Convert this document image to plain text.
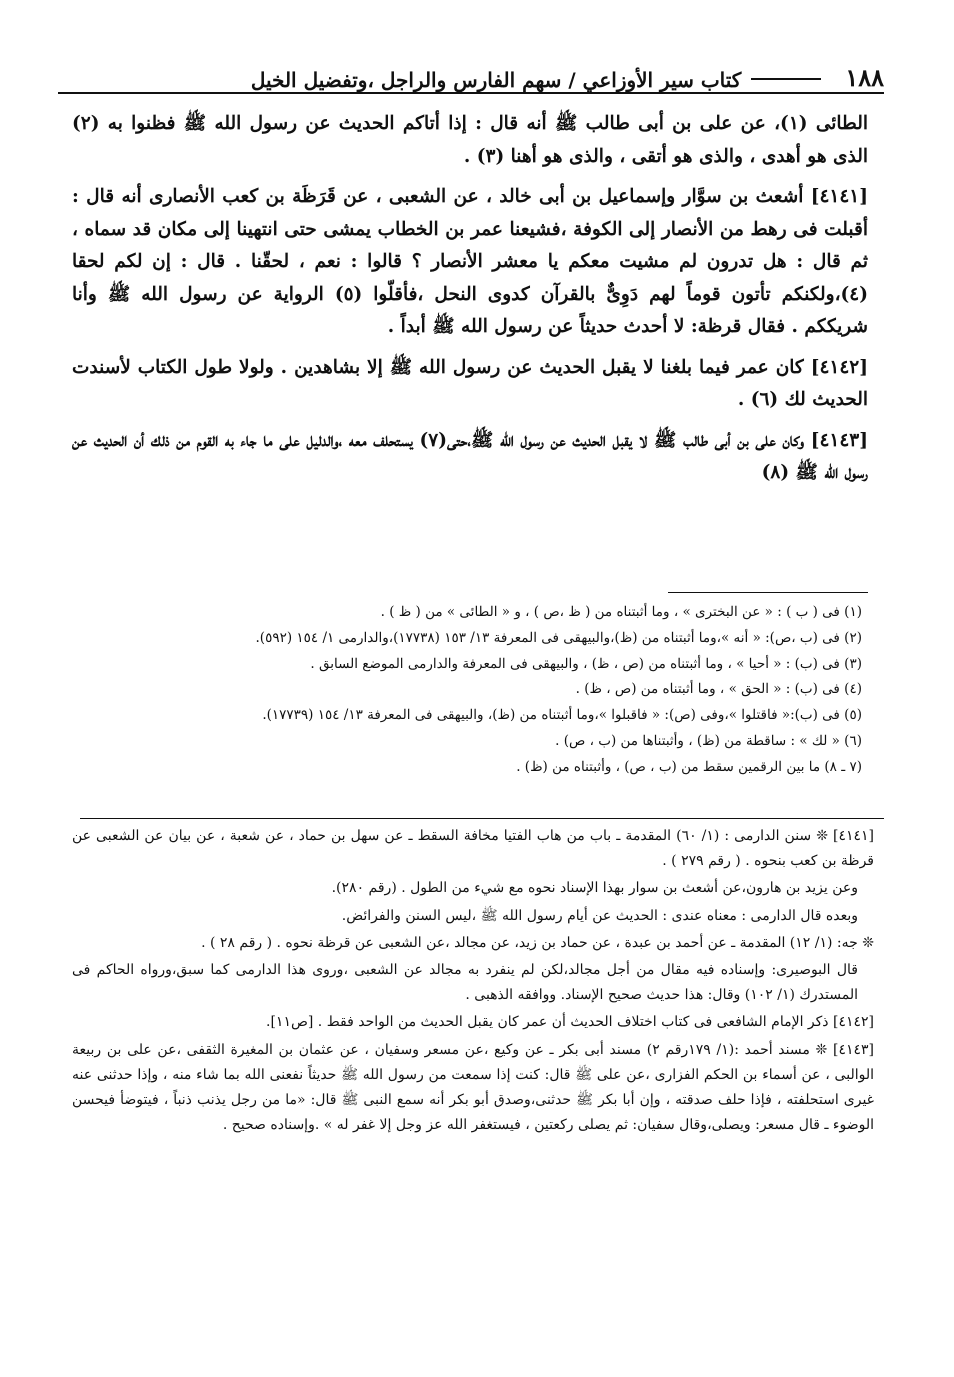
١٨٨
كتاب سير الأوزاعي / سهم الفارس والراجل ،وتفضيل الخيل

الطائى (١)، عن على بن أبى طالب ﷺ أنه قال : إذا أتاكم الحديث عن رسول الله ﷺ فظنوا به (٢) الذى هو أهدى ، والذى هو أتقى ، والذى هو أهنا (٣) .

[٤١٤١] أشعث بن سوَّار وإسماعيل بن أبى خالد ، عن الشعبى ، عن قَرَظَة بن كعب الأنصارى أنه قال : أقبلت فى رهط من الأنصار إلى الكوفة ،فشيعنا عمر بن الخطاب يمشى حتى انتهينا إلى مكان قد سماه ، ثم قال : هل تدرون لم مشيت معكم يا معشر الأنصار ؟ قالوا : نعم ، لحقّنا . قال : إن لكم لحقا (٤)،ولكنكم تأتون قوماً لهم دَوِىٌّ بالقرآن كدوى النحل ،فأقلّوا (٥) الرواية عن رسول الله ﷺ وأنا شريككم . فقال قرظة: لا أحدث حديثاً عن رسول الله ﷺ أبداً .

[٤١٤٢] كان عمر فيما بلغنا لا يقبل الحديث عن رسول الله ﷺ إلا بشاهدين . ولولا طول الكتاب لأسندت الحديث لك (٦) .

[٤١٤٣] وكان على بن أبى طالب ﷺ لا يقبل الحديث عن رسول الله ﷺ،حتى(٧) يستحلف معه ،والدليل على ما جاء به القوم من ذلك أن الحديث عن رسول الله ﷺ (٨)

(١) فى ( ب ) : « عن البخترى » ، وما أثبتناه من ( ظ ،ص ) ، و « الطائى » من ( ظ ) .
(٢) فى (ب ،ص): « أنه »،وما أثبتناه من (ظ)،والبيهقى فى المعرفة ١٣/ ١٥٣ (١٧٧٣٨)،والدارمى ١/ ١٥٤ (٥٩٢).
(٣) فى (ب) : « أحيا » ، وما أثبتناه من (ص ، ظ) ، والبيهقى فى المعرفة والدارمى الموضع السابق .
(٤) فى (ب) : « الحق » ، وما أثبتناه من (ص ، ظ) .
(٥) فى (ب):« فاقتلوا »،وفى (ص): « فاقبلوا »،وما أثبتناه من (ظ)، والبيهقى فى المعرفة ١٣/ ١٥٤ (١٧٧٣٩).
(٦) « لك » : ساقطة من (ظ) ، وأثبتناها من (ب ، ص) .
(٧ ـ ٨) ما بين الرقمين سقط من (ب ، ص) ، وأثبتناه من (ظ) .

[٤١٤١] ❊ سنن الدارمى : (١/ ٦٠) المقدمة ـ باب من هاب الفتيا مخافة السقط ـ عن سهل بن حماد ، عن شعبة ، عن بيان عن الشعبى عن قرظة بن كعب بنحوه . ( رقم ٢٧٩ ) .

وعن يزيد بن هارون،عن أشعث بن سوار بهذا الإسناد نحوه مع شيء من الطول . (رقم ٢٨٠).

وبعده قال الدارمى : معناه عندى : الحديث عن أيام رسول الله ﷺ ،ليس السنن والفرائض.

❊ جه: (١/ ١٢) المقدمة ـ عن أحمد بن عبدة ، عن حماد بن زيد، عن مجالد ،عن الشعبى عن قرظة نحوه . ( رقم ٢٨ ) .

قال البوصيرى: وإسناده فيه مقال من أجل مجالد،لكن لم ينفرد به مجالد عن الشعبى ،وروى هذا الدارمى كما سبق،ورواه الحاكم فى المستدرك (١/ ١٠٢) وقال: هذا حديث صحيح الإسناد. ووافقه الذهبى .

[٤١٤٢] ذكر الإمام الشافعى فى كتاب اختلاف الحديث أن عمر كان يقبل الحديث من الواحد فقط . [ص١١].

[٤١٤٣] ❊ مسند أحمد :(١/ ١٧٩رقم ٢) مسند أبى بكر ـ عن وكيع ،عن مسعر وسفيان ، عن عثمان بن المغيرة الثقفى ،عن على بن ربيعة الوالبى ، عن أسماء بن الحكم الفزارى ،عن على ﷺ قال: كنت إذا سمعت من رسول الله ﷺ حديثاً نفعنى الله بما شاء منه ، وإذا حدثنى عنه غيرى استحلفته ، فإذا حلف صدقته ، وإن أبا بكر ﷺ حدثنى،وصدق أبو بكر أنه سمع النبى ﷺ قال: «ما من رجل يذنب ذنباً ، فيتوضأ فيحسن الوضوء ـ قال مسعر: ويصلى،وقال سفيان: ثم يصلى ركعتين ، فيستغفر الله عز وجل إلا غفر له » .وإسناده صحيح .
